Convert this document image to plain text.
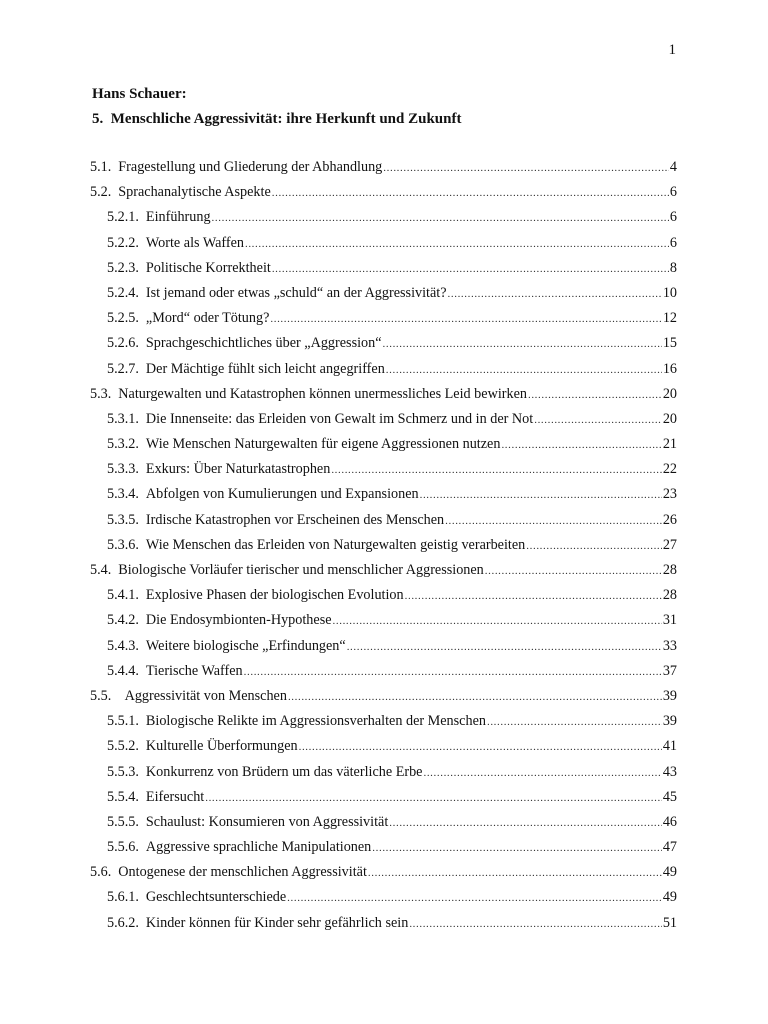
1
Hans Schauer:
5.  Menschliche Aggressivität: ihre Herkunft und Zukunft
5.1. Fragestellung und Gliederung der Abhandlung .....	4
5.2. Sprachanalytische Aspekte .....	6
5.2.1. Einführung .....	6
5.2.2. Worte als Waffen .....	6
5.2.3. Politische Korrektheit .....	8
5.2.4. Ist jemand oder etwas „schuld“ an der Aggressivität? .....	10
5.2.5. „Mord“ oder Tötung? .....	12
5.2.6. Sprachgeschichtliches über „Aggression“ .....	15
5.2.7. Der Mächtige fühlt sich leicht angegriffen .....	16
5.3. Naturgewalten und Katastrophen können unermessliches Leid bewirken .....	20
5.3.1. Die Innenseite: das Erleiden von Gewalt im Schmerz und in der Not .....	20
5.3.2. Wie Menschen Naturgewalten für eigene Aggressionen nutzen .....	21
5.3.3. Exkurs: Über Naturkatastrophen .....	22
5.3.4. Abfolgen von Kumulierungen und Expansionen .....	23
5.3.5. Irdische Katastrophen vor Erscheinen des Menschen .....	26
5.3.6. Wie Menschen das Erleiden von Naturgewalten geistig verarbeiten .....	27
5.4. Biologische Vorläufer tierischer und menschlicher Aggressionen .....	28
5.4.1. Explosive Phasen der biologischen Evolution .....	28
5.4.2. Die Endosymbionten-Hypothese .....	31
5.4.3. Weitere biologische „Erfindungen“ .....	33
5.4.4. Tierische Waffen .....	37
5.5. Aggressivität von Menschen .....	39
5.5.1. Biologische Relikte im Aggressionsverhalten der Menschen .....	39
5.5.2. Kulturelle Überformungen .....	41
5.5.3. Konkurrenz von Brüdern um das väterliche Erbe .....	43
5.5.4. Eifersucht .....	45
5.5.5. Schaulust: Konsumieren von Aggressivität .....	46
5.5.6. Aggressive sprachliche Manipulationen .....	47
5.6. Ontogenese der menschlichen Aggressivität .....	49
5.6.1. Geschlechtsunterschiede .....	49
5.6.2. Kinder können für Kinder sehr gefährlich sein .....	51
